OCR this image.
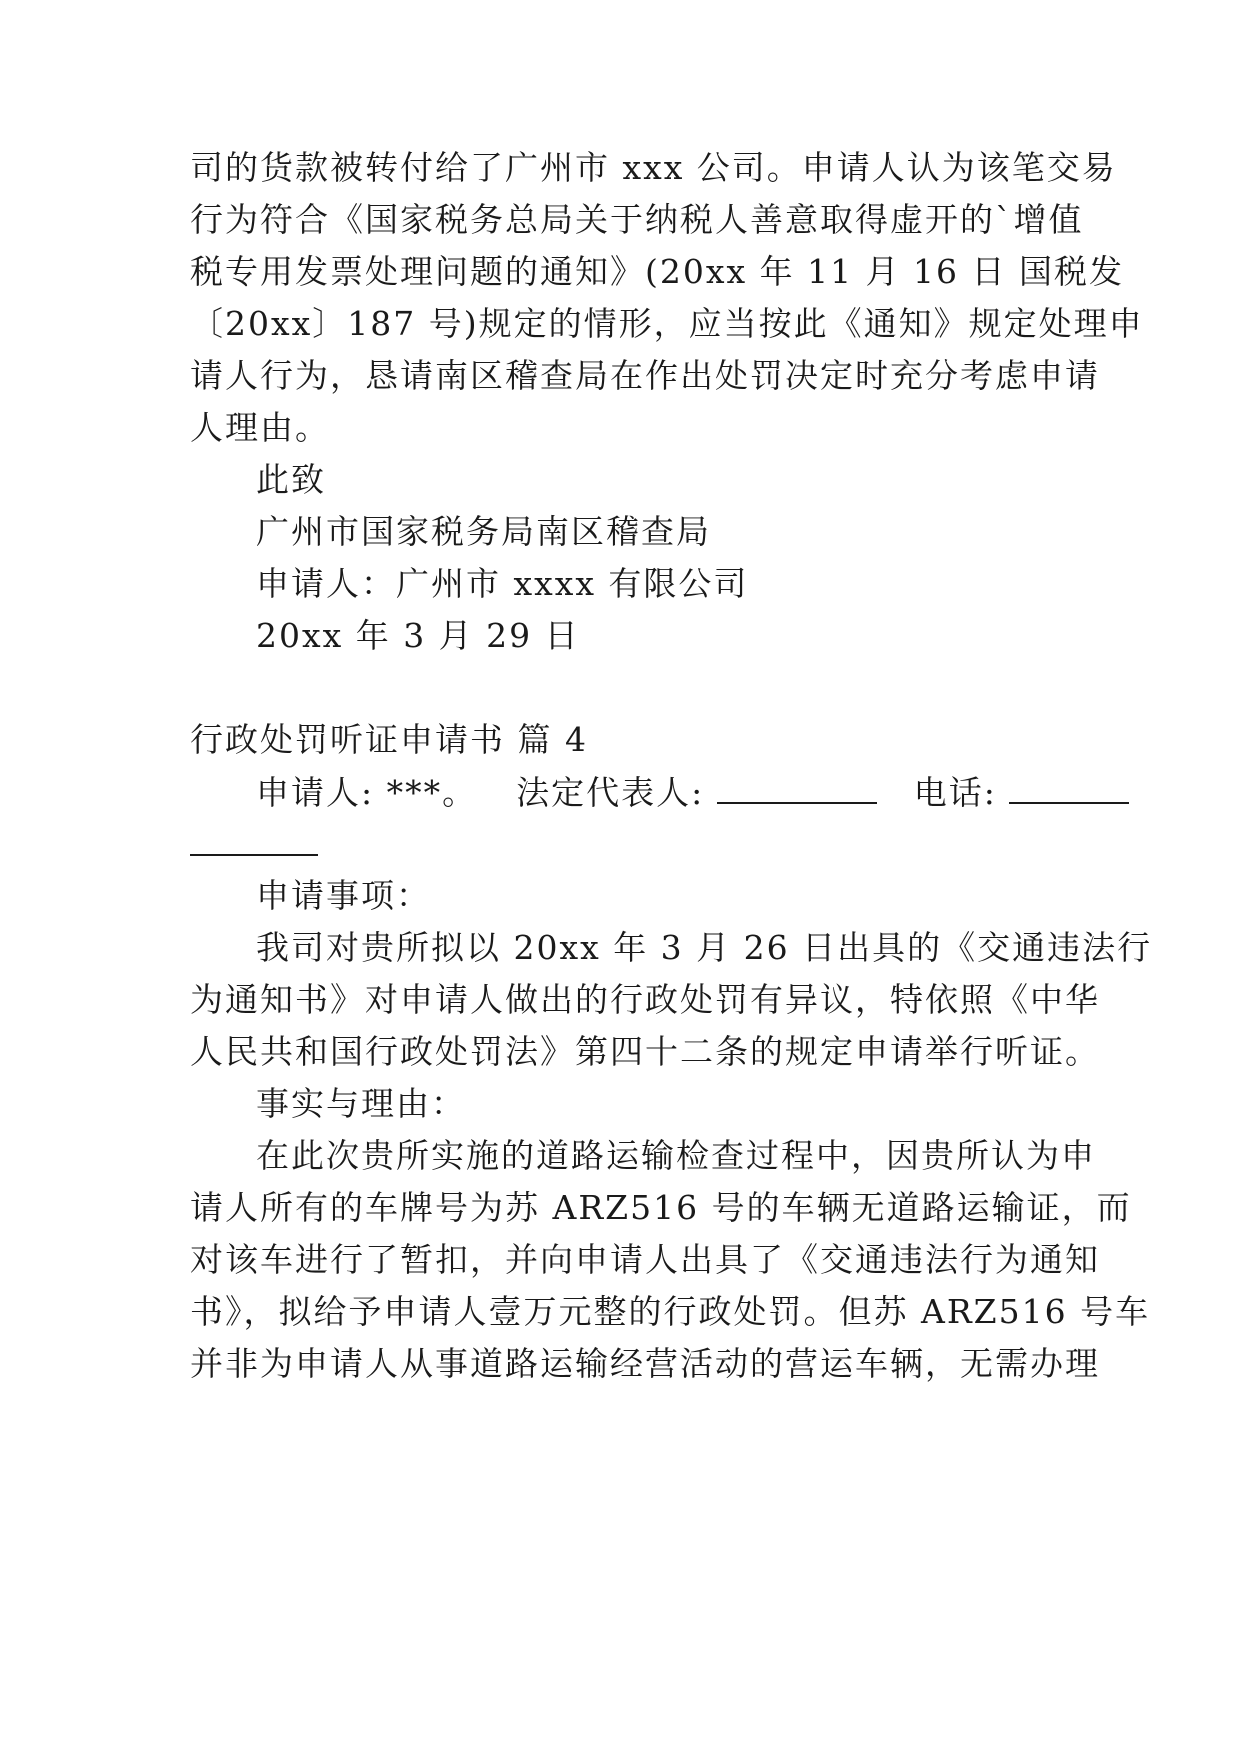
司的货款被转付给了广州市 xxx 公司。申请人认为该笔交易
行为符合《国家税务总局关于纳税人善意取得虚开的`增值
税专用发票处理问题的通知》(20xx 年 11 月 16 日 国税发
〔20xx〕187 号)规定的情形，应当按此《通知》规定处理申
请人行为，恳请南区稽查局在作出处罚决定时充分考虑申请
人理由。
此致
广州市国家税务局南区稽查局
申请人：广州市 xxxx 有限公司
20xx 年 3 月 29 日
行政处罚听证申请书 篇 4
申请人: ***。 法定代表人:	电话:
申请事项：
我司对贵所拟以 20xx 年 3 月 26 日出具的《交通违法行
为通知书》对申请人做出的行政处罚有异议，特依照《中华
人民共和国行政处罚法》第四十二条的规定申请举行听证。
事实与理由：
在此次贵所实施的道路运输检查过程中，因贵所认为申
请人所有的车牌号为苏 ARZ516 号的车辆无道路运输证，而
对该车进行了暂扣，并向申请人出具了《交通违法行为通知
书》，拟给予申请人壹万元整的行政处罚。但苏 ARZ516 号车
并非为申请人从事道路运输经营活动的营运车辆，无需办理
